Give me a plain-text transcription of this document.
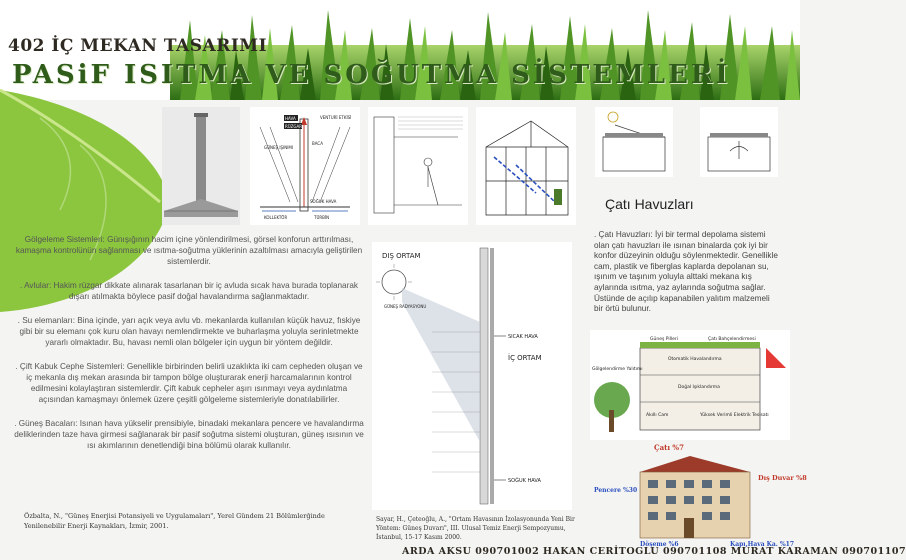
402 İÇ MEKAN TASARIMI
PASiF ISITMA VE SOĞUTMA SİSTEMLERİ
HAVA
RÜZGAR
VENTURİ ETKİSİ
GÜNEŞ IŞINIMI
BACA
KOLLEKTÖR
SOĞUK HAVA
TÜRBİN
Çatı Havuzları

Gölgeleme Sistemleri: Günışığının hacim içine yönlendirilmesi, görsel konforun arttırılması, kamaşma kontrolünün sağlanması ve ısıtma-soğutma yüklerinin azaltılması amacıyla geliştirilen sistemlerdir.

. Avlular: Hakim rüzgar dikkate alınarak tasarlanan bir iç avluda sıcak hava burada toplanarak dışarı atılmakta böylece pasif doğal havalandırma sağlanmaktadır.

. Su elemanları: Bina içinde, yarı açık veya avlu vb. mekanlarda kullanılan küçük havuz, fıskiye gibi bir su elemanı çok kuru olan havayı nemlendirmekte ve buharlaşma yoluyla serinletmekte yararlı olmaktadır. Bu, havası nemli olan bölgeler için uygun bir yöntem değildir.

. Çift Kabuk Cephe Sistemleri: Genellikle birbirinden belirli uzaklıkta iki cam cepheden oluşan ve iç mekanla dış mekan arasında bir tampon bölge oluşturarak enerji harcamalarının kontrol edilmesini kolaylaştıran sistemlerdir. Çift kabuk cepheler aşırı ısınmayı veya aydınlatma açısından kamaşmayı önlemek üzere çeşitli gölgeleme sistemleriyle donatılabilirler.

. Güneş Bacaları: Isınan hava yükselir prensibiyle, binadaki mekanlara pencere ve havalandırma deliklerinden taze hava girmesi sağlanarak bir pasif soğutma sistemi oluşturan, güneş ısısının ve ısı akımlarının denetlendiği bina bölümü olarak kullanılır.

Özbalta, N., "Güneş Enerjisi Potansiyeli ve Uygulamaları", Yerel Gündem 21 Bölümlerğinde Yenilenebilir Enerji Kaynakları, İzmir, 2001.
DIŞ ORTAM
GÜNEŞ RADYASYONU
İÇ ORTAM
SICAK HAVA
SOĞUK HAVA
Sayar, H., Çeteoğlu, A., "Ortam Havasının İzolasyonunda Yeni Bir Yöntem: Güneş Duvarı", III. Ulusal Temiz Enerji Sempozyumu, İstanbul, 15-17 Kasım 2000.
. Çatı Havuzları: İyi bir termal depolama sistemi olan çatı havuzları ile ısınan binalarda çok iyi bir konfor düzeyinin olduğu söylenmektedir. Genellikle cam, plastik ve fiberglas kaplarda depolanan su, ışınım ve taşınım yoluyla alttaki mekana kış aylarında ısıtma, yaz aylarında soğutma sağlar. Üstünde de açılıp kapanabilen yalıtım malzemeli bir örtü bulunur.
Güneş Pilleri	Çatı Bahçelendirmesi
Otomatik Havalandırma
Doğal Işıklandırma
Akıllı Cam	Yüksek Verimli Elektrik Tesisatı
Gölgelendirme Yalıtımı
Çatı %7
Pencere %30
Dış Duvar %8
Döşeme %6	Kapı,Hava Ka. %17
ARDA AKSU 090701002 HAKAN CERİTOGLU 090701108 MURAT KARAMAN 090701107
